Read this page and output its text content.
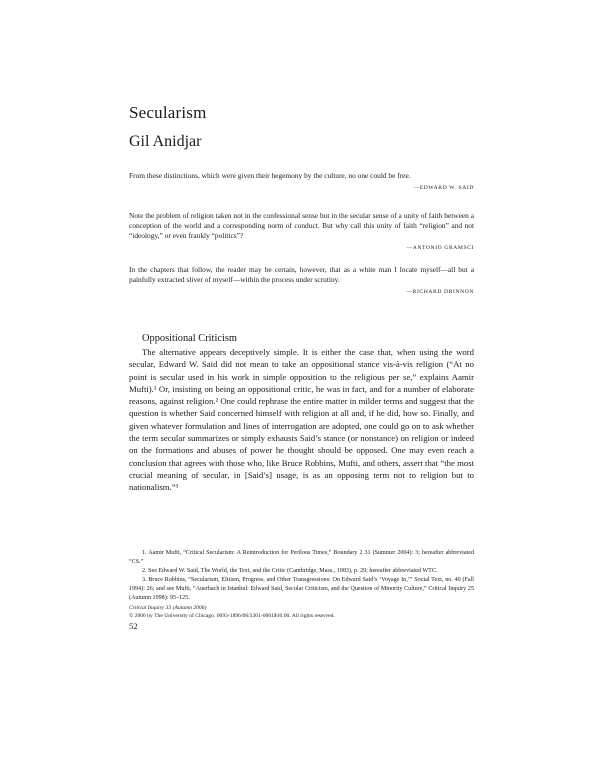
Secularism
Gil Anidjar

From these distinctions, which were given their hegemony by the culture, no one could be free.

—EDWARD W. SAID

Note the problem of religion taken not in the confessional sense but in the secular sense of a unity of faith between a conception of the world and a corresponding norm of conduct. But why call this unity of faith “religion” and not “ideology,” or even frankly “politics”?

—ANTONIO GRAMSCI

In the chapters that follow, the reader may be certain, however, that as a white man I locate myself—all but a painfully extracted sliver of myself—within the process under scrutiny.

—RICHARD DRINNON

Oppositional Criticism

The alternative appears deceptively simple. It is either the case that, when using the word secular, Edward W. Said did not mean to take an oppositional stance vis-à-vis religion (“At no point is secular used in his work in simple opposition to the religious per se,” explains Aamir Mufti).¹ Or, insisting on being an oppositional critic, he was in fact, and for a number of elaborate reasons, against religion.² One could rephrase the entire matter in milder terms and suggest that the question is whether Said concerned himself with religion at all and, if he did, how so. Finally, and given whatever formulation and lines of interrogation are adopted, one could go on to ask whether the term secular summarizes or simply exhausts Said’s stance (or nonstance) on religion or indeed on the formations and abuses of power he thought should be opposed. One may even reach a conclusion that agrees with those who, like Bruce Robbins, Mufti, and others, assert that “the most crucial meaning of secular, in [Said’s] usage, is as an opposing term not to religion but to nationalism.”³

1. Aamir Mufti, “Critical Secularism: A Reintroduction for Perilous Times,” Boundary 2 31 (Summer 2004): 3; hereafter abbreviated “CS.”

2. See Edward W. Said, The World, the Text, and the Critic (Cambridge, Mass., 1983), p. 29; hereafter abbreviated WTC.

3. Bruce Robbins, “Secularism, Elitism, Progress, and Other Transgressions: On Edward Said’s ‘Voyage In,’” Social Text, no. 40 (Fall 1994): 26; and see Mufti, “Auerbach in Istanbul: Edward Said, Secular Criticism, and the Question of Minority Culture,” Critical Inquiry 25 (Autumn 1998): 95–125.

Critical Inquiry 33 (Autumn 2006)

© 2006 by The University of Chicago. 0093-1896/06/3301-0001$10.00. All rights reserved.

52
